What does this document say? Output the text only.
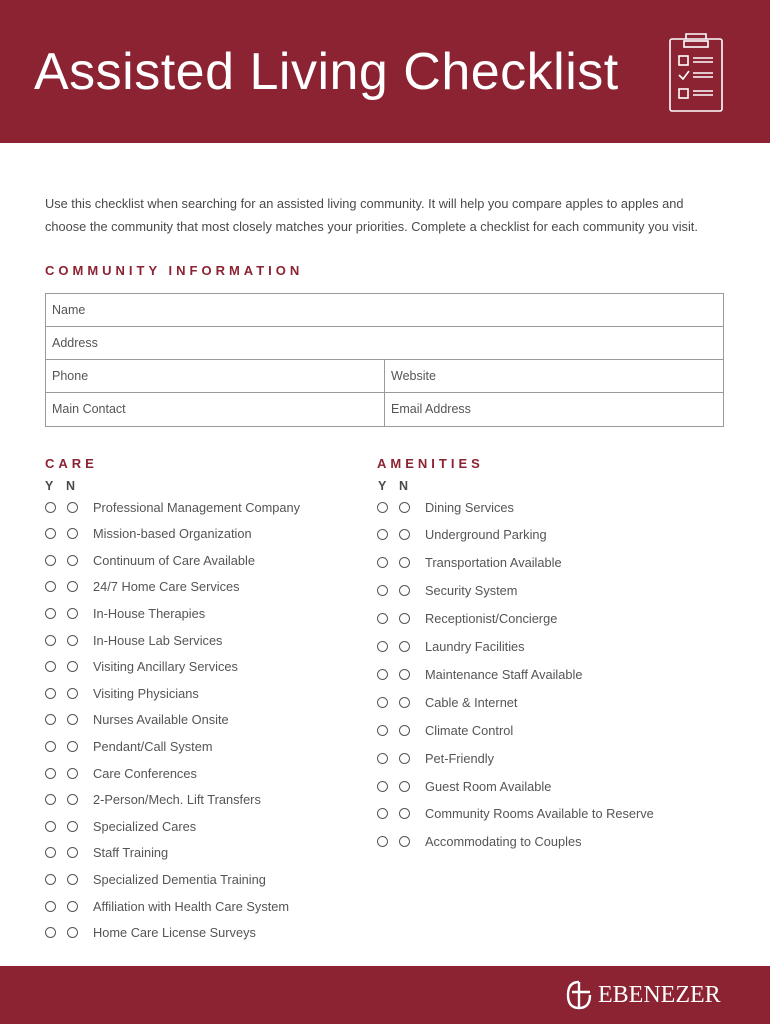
Assisted Living Checklist
Use this checklist when searching for an assisted living community. It will help you compare apples to apples and choose the community that most closely matches your priorities. Complete a checklist for each community you visit.
COMMUNITY INFORMATION
Name
Address
Phone	Website
Main Contact	Email Address
CARE
Y N
Professional Management Company
Mission-based Organization
Continuum of Care Available
24/7 Home Care Services
In-House Therapies
In-House Lab Services
Visiting Ancillary Services
Visiting Physicians
Nurses Available Onsite
Pendant/Call System
Care Conferences
2-Person/Mech. Lift Transfers
Specialized Cares
Staff Training
Specialized Dementia Training
Affiliation with Health Care System
Home Care License Surveys
AMENITIES
Y N
Dining Services
Underground Parking
Transportation Available
Security System
Receptionist/Concierge
Laundry Facilities
Maintenance Staff Available
Cable & Internet
Climate Control
Pet-Friendly
Guest Room Available
Community Rooms Available to Reserve
Accommodating to Couples
EBENEZER
